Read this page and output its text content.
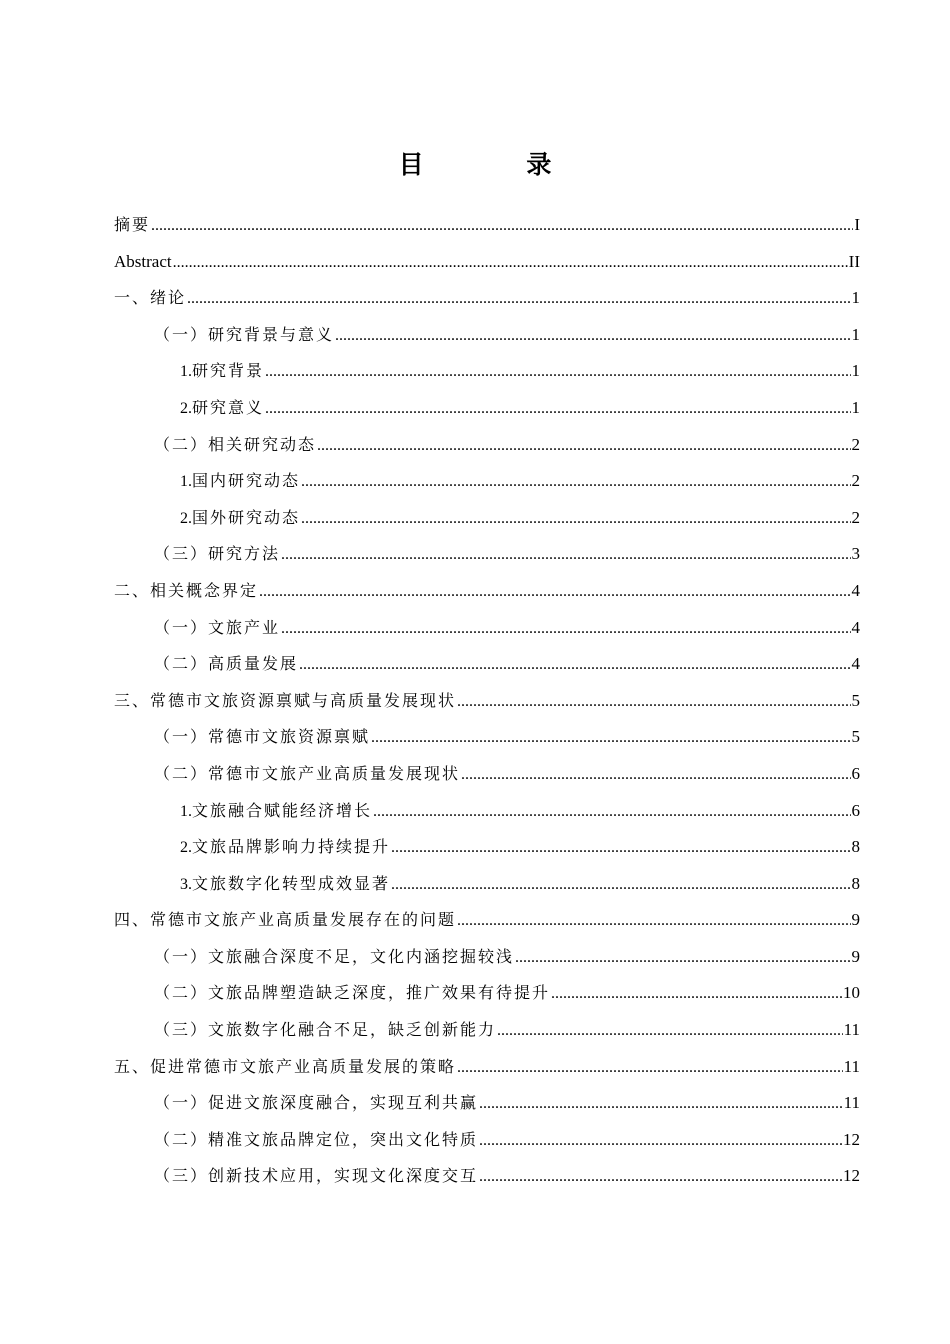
目 录
摘要 .....	I
Abstract .....	II
一、绪论 .....	1
（一）研究背景与意义 .....	1
1. 研究背景 .....	1
2. 研究意义 .....	1
（二）相关研究动态 .....	2
1. 国内研究动态 .....	2
2. 国外研究动态 .....	2
（三）研究方法 .....	3
二、相关概念界定 .....	4
（一）文旅产业 .....	4
（二）高质量发展 .....	4
三、常德市文旅资源禀赋与高质量发展现状 .....	5
（一）常德市文旅资源禀赋 .....	5
（二）常德市文旅产业高质量发展现状 .....	6
1. 文旅融合赋能经济增长 .....	6
2. 文旅品牌影响力持续提升 .....	8
3. 文旅数字化转型成效显著 .....	8
四、常德市文旅产业高质量发展存在的问题 .....	9
（一）文旅融合深度不足，文化内涵挖掘较浅 .....	9
（二）文旅品牌塑造缺乏深度，推广效果有待提升 .....	10
（三）文旅数字化融合不足，缺乏创新能力 .....	11
五、促进常德市文旅产业高质量发展的策略 .....	11
（一）促进文旅深度融合，实现互利共赢 .....	11
（二）精准文旅品牌定位，突出文化特质 .....	12
（三）创新技术应用，实现文化深度交互 .....	12
